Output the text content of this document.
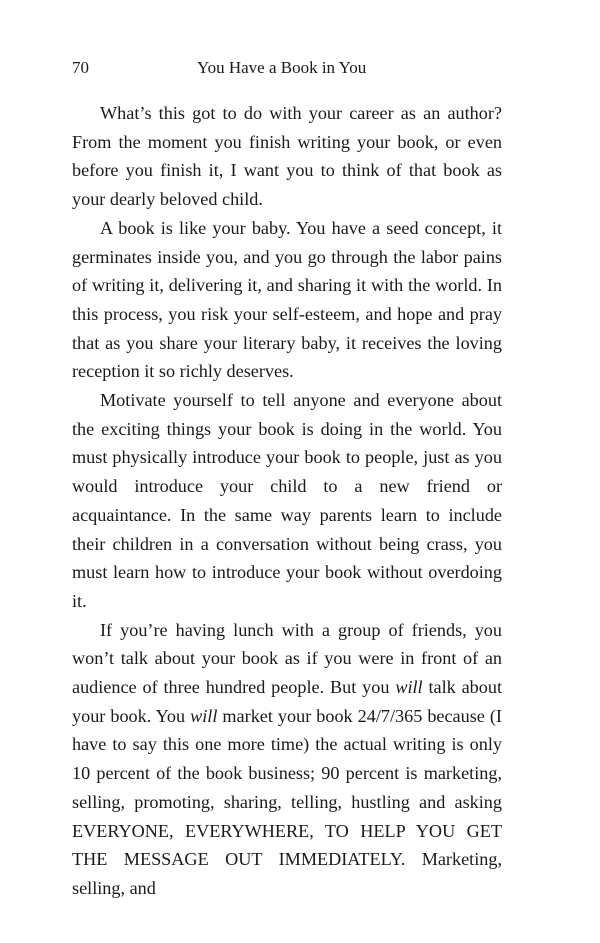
70	You Have a Book in You

What’s this got to do with your career as an author? From the moment you finish writing your book, or even before you finish it, I want you to think of that book as your dearly beloved child.

A book is like your baby. You have a seed concept, it germinates inside you, and you go through the labor pains of writing it, delivering it, and sharing it with the world. In this process, you risk your self-esteem, and hope and pray that as you share your literary baby, it receives the loving reception it so richly deserves.

Motivate yourself to tell anyone and everyone about the exciting things your book is doing in the world. You must physically introduce your book to people, just as you would introduce your child to a new friend or acquaintance. In the same way parents learn to include their children in a conversation without being crass, you must learn how to introduce your book without overdoing it.

If you’re having lunch with a group of friends, you won’t talk about your book as if you were in front of an audience of three hundred people. But you will talk about your book. You will market your book 24/7/365 because (I have to say this one more time) the actual writing is only 10 percent of the book business; 90 percent is marketing, selling, promoting, sharing, telling, hustling and asking EVERYONE, EVERYWHERE, TO HELP YOU GET THE MESSAGE OUT IMMEDIATELY. Marketing, selling, and
